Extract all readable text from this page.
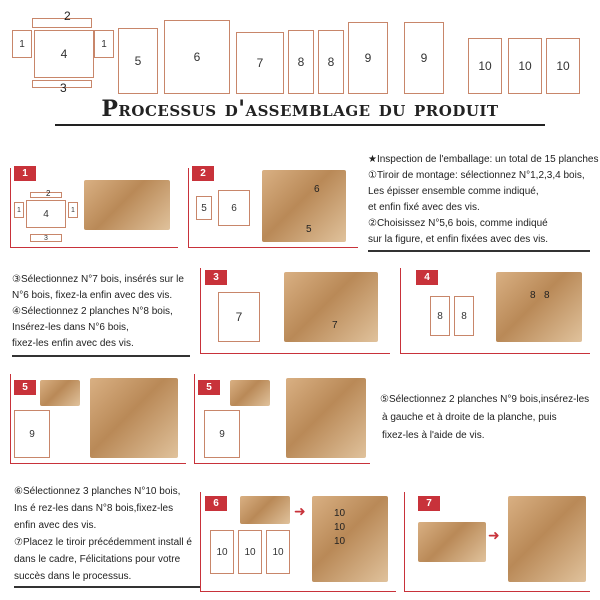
1
2
4
1
3
5	6	7	8	8	9	9
10	10	10
Processus d'assemblage du produit
1
2
4
1	1
3
2
5	6
6
5
★Inspection de l'emballage: un total de 15 planches
①Tiroir de montage: sélectionnez N°1,2,3,4 bois,
Les épisser ensemble comme indiqué,
et enfin fixé avec des vis.
②Choisissez N°5,6 bois, comme indiqué
sur la figure, et enfin fixées avec des vis.
③Sélectionnez N°7 bois, insérés sur le
N°6 bois, fixez-la enfin avec des vis.
④Sélectionnez 2 planches N°8 bois,
Insérez-les dans N°6 bois,
fixez-les enfin avec des vis.
3
7
7
4
8	8
8 8
5
9
5
9
⑤Sélectionnez 2 planches N°9 bois,insérez-les
à gauche et à droite de la planche, puis
fixez-les à l'aide de vis.
⑥Sélectionnez 3 planches N°10 bois,
Ins é rez-les dans N°8 bois,fixez-les
enfin avec des vis.
⑦Placez le tiroir précédemment install é
dans le cadre, Félicitations pour votre
succès dans le processus.
6
10	10	10
➜	10
10
10
7
➜
